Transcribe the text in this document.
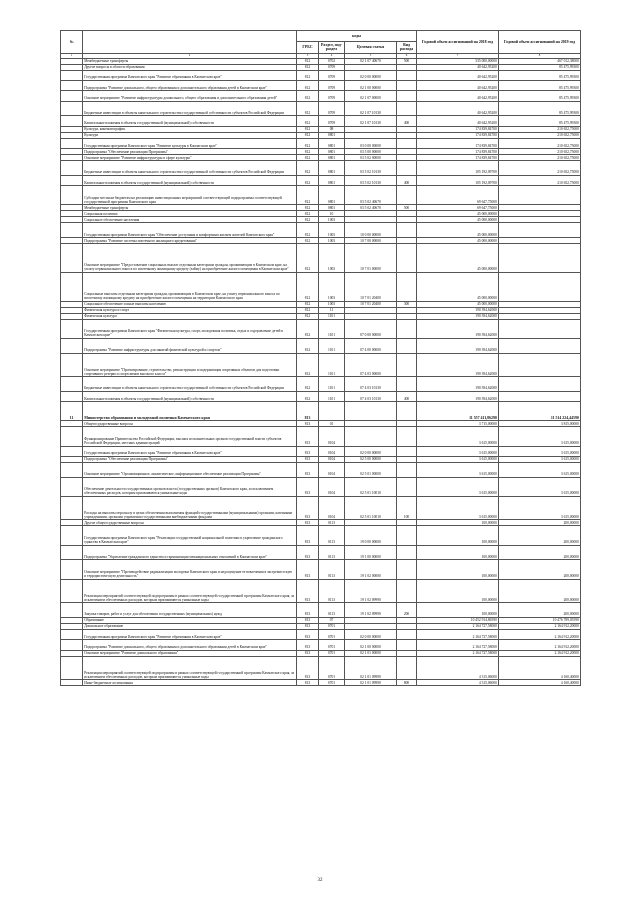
№		коды				Годовой объем ассигнований на 2018 год	Годовой объем ассигнований на 2019 год
		ГРБС	Раздел, под-раздел	Целевая статья	Вид расхода		
1	2	3	4	5	6	7	8
	Межбюджетные трансферты	812	0702	02 1 07 40670	500	335 000,00000	467 012,38000
	Другие вопросы в области образования	812	0709			40 642,95200	85 475,99300
	Государственная программа Камчатского края "Развитие образования в Камчатском крае"	812	0709	02 0 00 00000		40 642,95200	85 475,99300
	Подпрограмма "Развитие дошкольного, общего образования и дополнительного образования детей в Камчатском крае"	812	0709	02 1 00 00000		40 642,95200	85 475,99300
	Основное мероприятие "Развитие инфраструктуры дошкольного, общего образования и дополнительного образования детей"	812	0709	02 1 07 00000		40 642,95200	85 475,99300
	Бюджетные инвестиции в объекты капитального строительства государственной собственности субъектов Российской Федерации	812	0709	02 1 07 10130		40 642,95200	85 475,99300
	Капитальные вложения в объекты государственной (муниципальной) собственности	812	0709	02 1 07 10130	400	40 642,95200	85 475,99300
	Культура, кинематография	812	08			174 839,84700	210 652,75000
	Культура	812	0801			174 839,84700	210 652,75000
	Государственная программа Камчатского края "Развитие культуры в Камчатском крае"	812	0801	03 0 00 00000		174 839,84700	210 652,75000
	Подпрограмма "Обеспечение реализации Программы"	812	0801	03 5 00 00000		174 839,84700	210 652,75000
	Основное мероприятие "Развитие инфраструктуры в сфере культуры"	812	0801	03 5 02 00000		174 839,84700	210 652,75000
	Бюджетные инвестиции в объекты капитального строительства государственной собственности субъектов Российской Федерации	812	0801	03 5 02 10130		105 192,09700	210 652,75000
	Капитальные вложения в объекты государственной (муниципальной) собственности	812	0801	03 5 02 10130	400	105 192,09700	210 652,75000
	Субсидии местным бюджетам на реализацию инвестиционных мероприятий соответствующей подпрограммы соответствующей государственной программы Камчатского края	812	0801	03 5 02 40670		69 647,75000	
	Межбюджетные трансферты	812	0801	03 5 02 40670	500	69 647,75000	
	Социальная политика	812	10			45 000,00000	
	Социальное обеспечение населения	812	1003			45 000,00000	
	Государственная программа Камчатского края "Обеспечение доступным и комфортным жильем жителей Камчатского края"	812	1003	10 0 00 00000		45 000,00000	
	Подпрограмма "Развитие системы ипотечного жилищного кредитования"	812	1003	10 7 00 00000		45 000,00000	
	Основное мероприятие "Предоставление социальных выплат отдельным категориям граждан, проживающим в Камчатском крае, на уплату первоначального взноса по ипотечному жилищному кредиту (займу) на приобретение жилого помещения в Камчатском крае"	812	1003	10 7 01 00000		45 000,00000	
	Социальные выплаты отдельным категориям граждан, проживающим в Камчатском крае, на уплату первоначального взноса по ипотечному жилищному кредиту на приобретение жилого помещения на территории Камчатского края	812	1003	10 7 01 20400		45 000,00000	
	Социальное обеспечение и иные выплаты населению	812	1003	10 7 01 20400	300	45 000,00000	
	Физическая культура и спорт	812	11			190 394,62000	
	Физическая культура	812	1101			190 394,62000	
	Государственная программа Камчатского края "Физическая культура, спорт, молодежная политика, отдых и оздоровление детей в Камчатском крае"	812	1101	07 0 00 00000		190 394,62000	
	Подпрограмма "Развитие инфраструктуры для занятий физической культурой и спортом"	812	1101	07 4 00 00000		190 394,62000	
	Основное мероприятие "Проектирование, строительство, реконструкция и модернизация спортивных объектов для подготовки спортивного резерва и спортсменов высокого класса"	812	1101	07 4 03 00000		190 394,62000	
	Бюджетные инвестиции в объекты капитального строительства государственной собственности субъектов Российской Федерации	812	1101	07 4 03 10130		190 394,62000	
	Капитальные вложения в объекты государственной (муниципальной) собственности	812	1101	07 4 03 10130	400	190 394,62000	
11	Министерство образования и молодежной политики Камчатского края	813				11 557 411,86290	11 514 224,44590
	Общегосударственные вопросы	813	01			3 715,00000	3 815,00000
	Функционирование Правительства Российской Федерации, высших исполнительных органов государственной власти субъектов Российской Федерации, местных администраций	813	0104			3 615,00000	3 615,00000
	Государственная программа Камчатского края "Развитие образования в Камчатском крае"	813	0104	02 0 00 00000		3 615,00000	3 615,00000
	Подпрограмма "Обеспечение реализации Программы"	813	0104	02 5 00 00000		3 615,00000	3 615,00000
	Основное мероприятие "Организационное, аналитическое, информационное обеспечение реализации Программы"	813	0104	02 5 01 00000		3 615,00000	3 615,00000
	Обеспечение деятельности государственных органов власти (государственных органов) Камчатского края, за исключением обеспеченных расходов, которым присваиваются уникальные коды	813	0104	02 5 01 10010		3 615,00000	3 615,00000
	Расходы на выплаты персоналу в целях обеспечения выполнения функций государственными (муниципальными) органами, казенными учреждениями, органами управления государственными внебюджетными фондами	813	0104	02 5 01 10010	100	3 615,00000	3 615,00000
	Другие общегосударственные вопросы	813	0113			100,00000	200,00000
	Государственная программа Камчатского края "Реализация государственной национальной политики и укрепление гражданского единства в Камчатском крае"	813	0113	19 0 00 00000		100,00000	200,00000
	Подпрограмма "Укрепление гражданского единства и гармонизация межнациональных отношений в Камчатском крае"	813	0113	19 1 00 00000		100,00000	200,00000
	Основное мероприятие "Противодействие радикализации молодежи Камчатского края и недопущение ее вовлечения в экстремистскую и террористическую деятельность"	813	0113	19 1 02 00000		100,00000	200,00000
	Реализация мероприятий соответствующей подпрограммы в рамках соответствующей государственной программы Камчатского края, за исключением обеспеченных расходов, которым присваиваются уникальные коды	813	0113	19 1 02 09990		100,00000	200,00000
	Закупка товаров, работ и услуг для обеспечения государственных (муниципальных) нужд	813	0113	19 1 02 09990	200	100,00000	200,00000
	Образование	813	07			10 452 914,86590	10 476 789,05590
	Дошкольное образование	813	0701			2 164 727,58000	2 164 912,20000
	Государственная программа Камчатского края "Развитие образования в Камчатском крае"	813	0701	02 0 00 00000		2 164 727,58000	2 164 912,20000
	Подпрограмма "Развитие дошкольного, общего образования и дополнительного образования детей в Камчатском крае"	813	0701	02 1 00 00000		2 164 727,58000	2 164 912,20000
	Основное мероприятие "Развитие дошкольного образования"	813	0701	02 1 01 00000		2 164 727,58000	2 164 912,20000
	Реализация мероприятий соответствующей подпрограммы в рамках соответствующей государственной программы Камчатского края, за исключением обеспеченных расходов, которым присваиваются уникальные коды	813	0701	02 1 01 09990		4 315,06000	4 160,40000
	Иные бюджетные ассигнования	813	0701	02 1 01 09990	800	4 315,06000	4 160,40000
32
